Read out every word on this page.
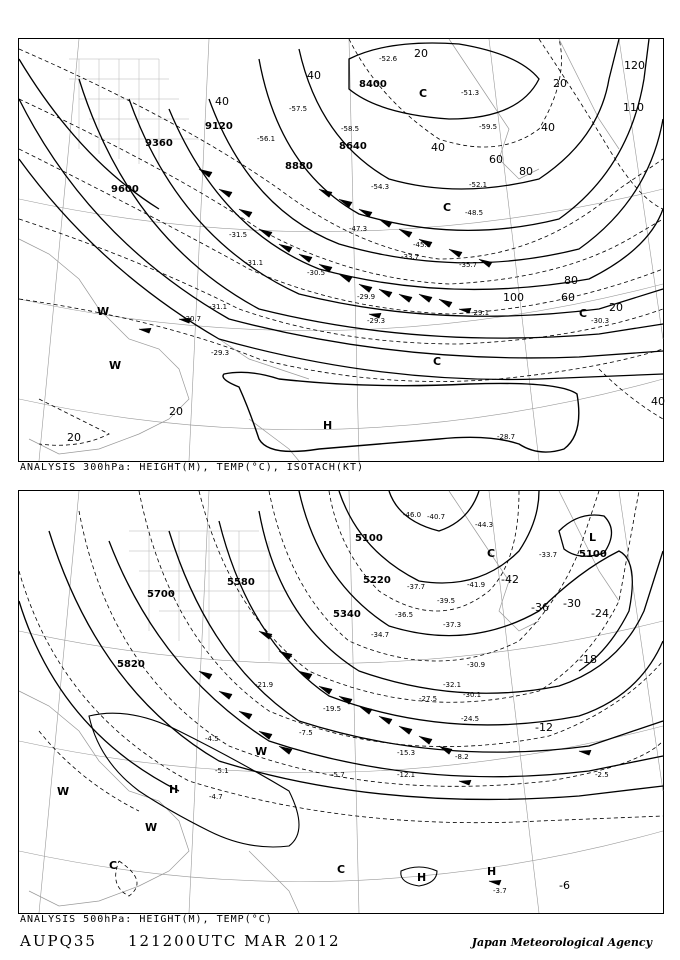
8400
8640
8880
9120
9360
9600
20
40
40
40
60
80
80
100
110
120
60
40
20
20
20
40
20
-52.6
-51.3
-59.5
-56.1
-58.5
-54.3
-48.5
-47.3
-45.3
-33.7
-35.7
-31.5
-31.1
-30.5
-29.9
-29.1
-29.3
-30.7
-31.1
-29.3
-30.3
-28.7
-52.1
-57.5
C
C
C
C
H
W
W
ANALYSIS 300hPa: HEIGHT(M), TEMP(°C), ISOTACH(KT)
5100
5100
5220
5340
5580
5700
5820
-42
-36 -30
-24
-18
-12
-6
-37.7
-36.5
-34.7
-41.9
-39.5
-37.3
-30.9
-32.1
-30.1
-27.5
-24.5
-21.9
-19.5
-15.3
-12.1
-8.2
-7.5
-5.7
-5.1
-4.5
-4.7
-3.7
-2.5
-44.3
-46.0 -40.7
-33.7
L
C
C
H
H	H
W
W
W
C
ANALYSIS 500hPa: HEIGHT(M), TEMP(°C)
AUPQ35 121200UTC MAR 2012	Japan Meteorological Agency
